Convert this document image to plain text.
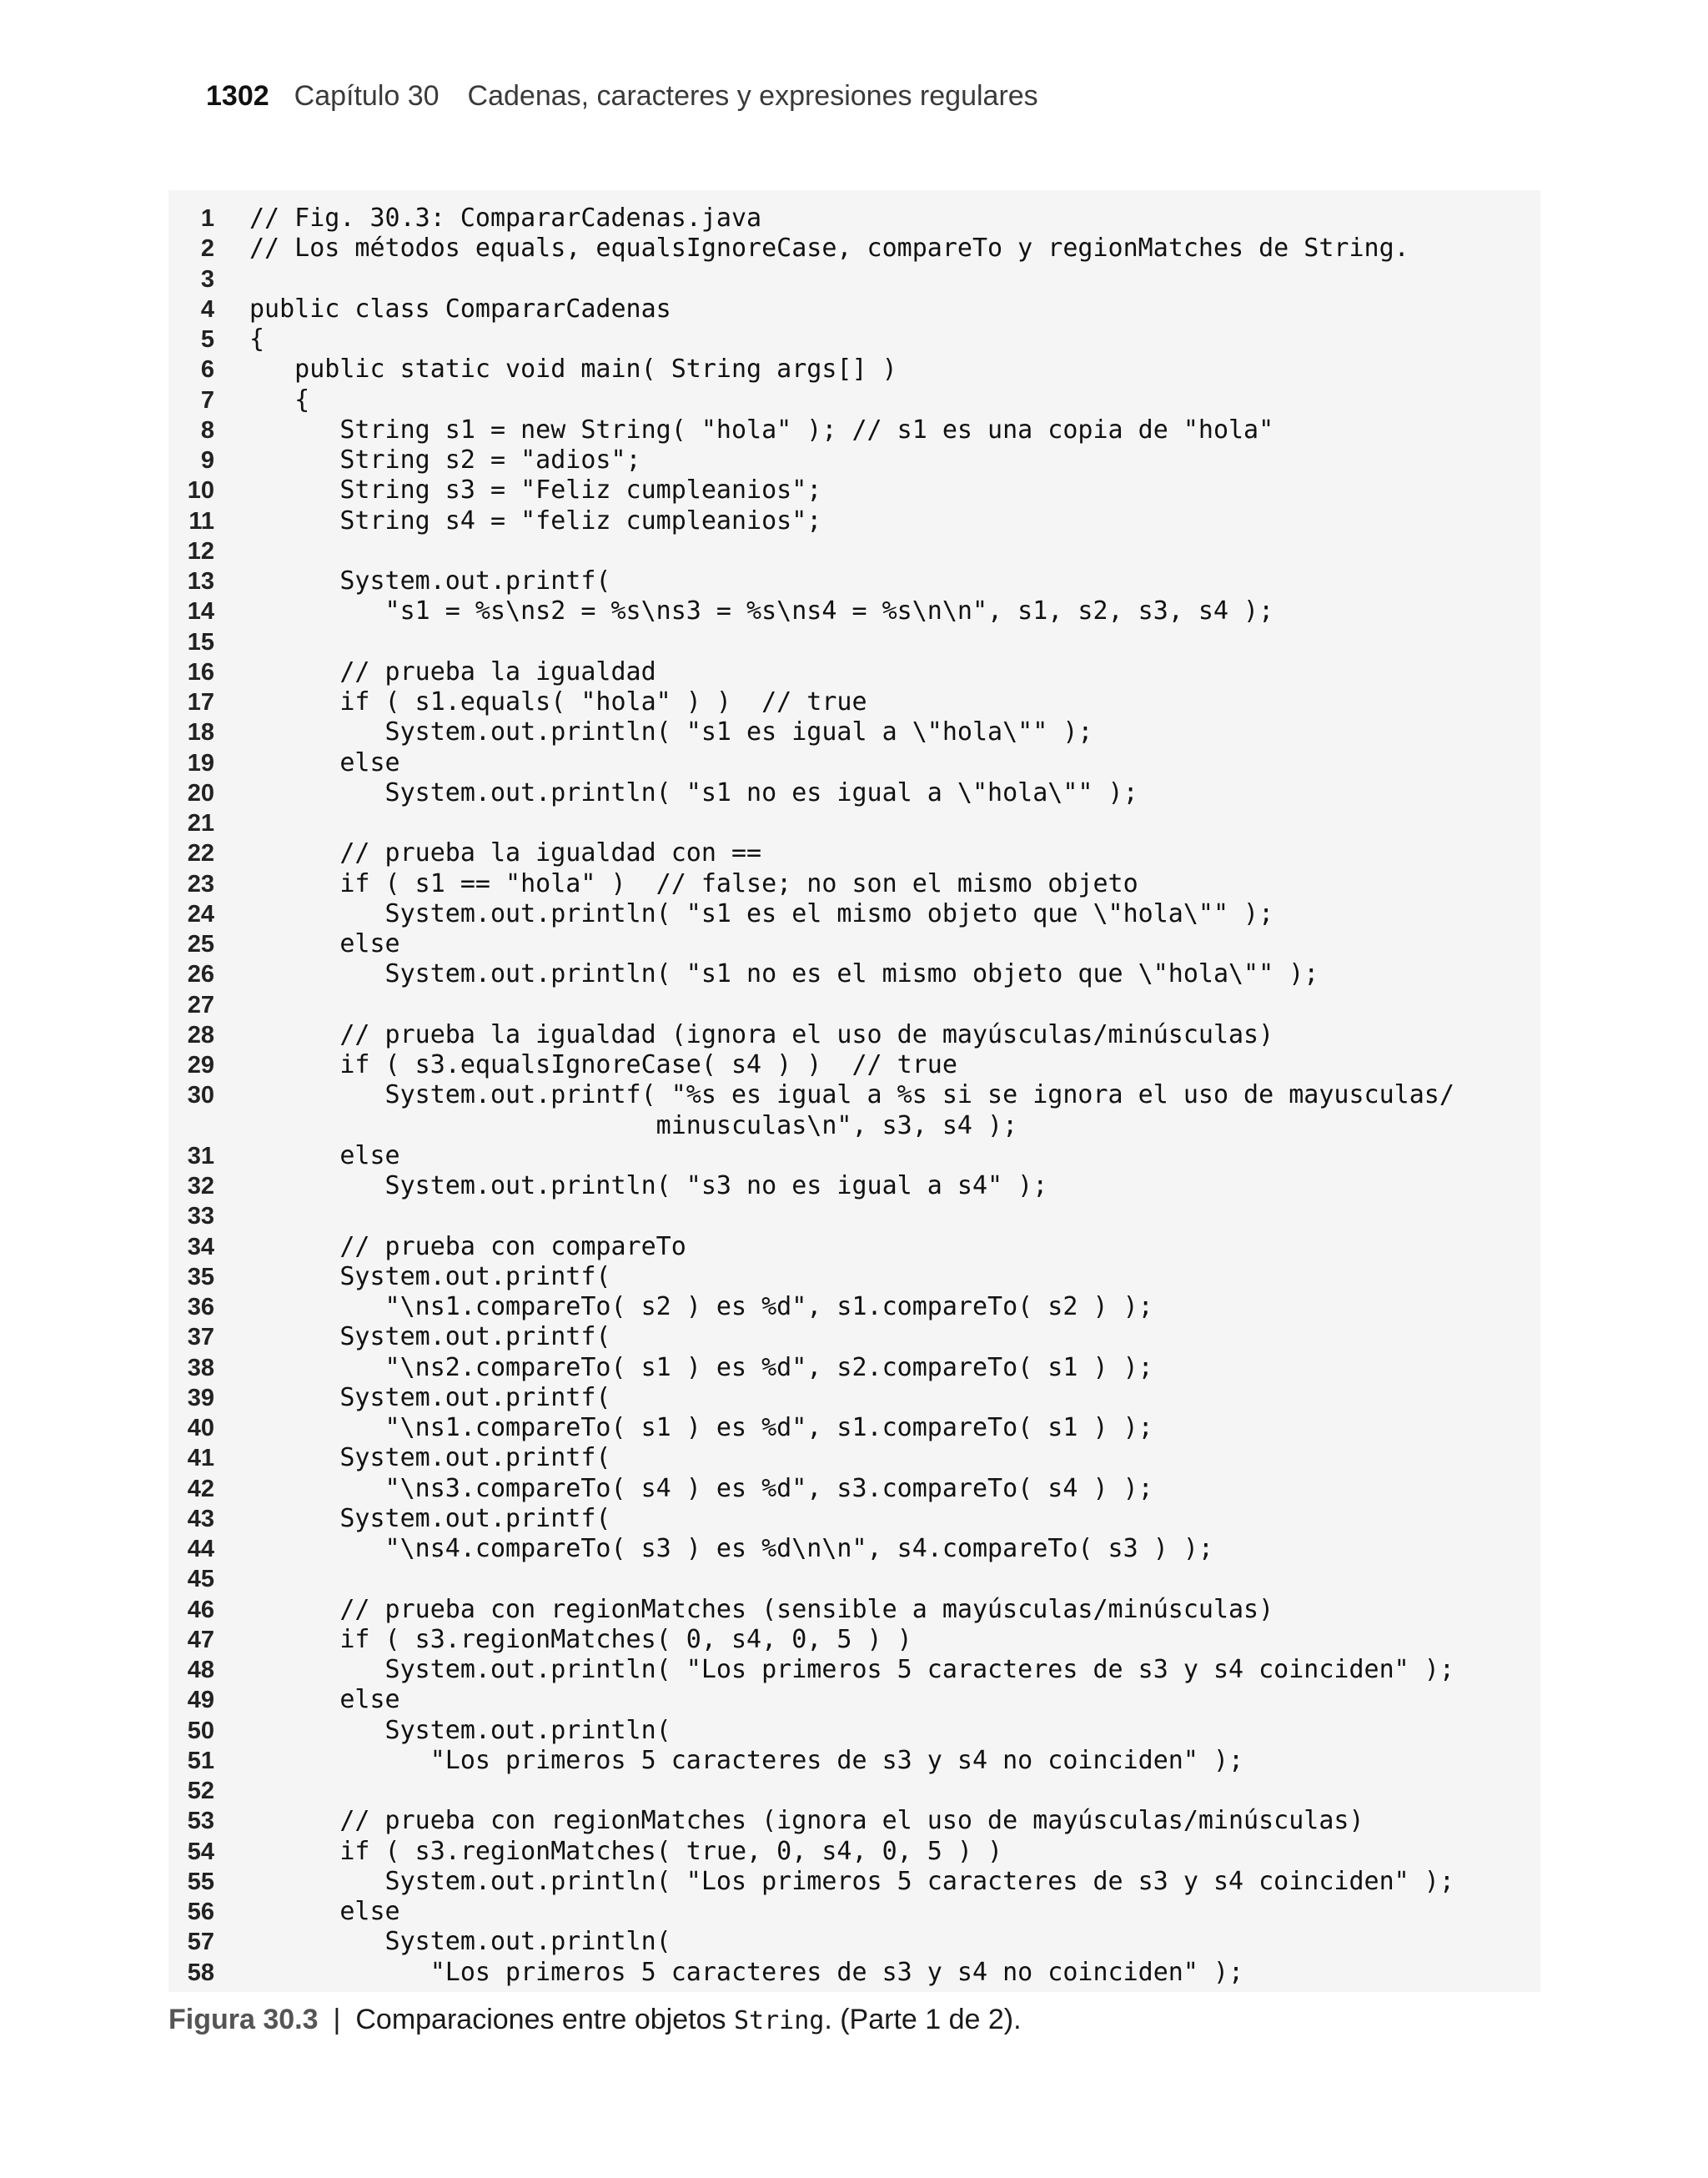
1302 Capítulo 30 Cadenas, caracteres y expresiones regulares
1 // Fig. 30.3: CompararCadenas.java
2 // Los métodos equals, equalsIgnoreCase, compareTo y regionMatches de String.
3
4 public class CompararCadenas
5 {
6 public static void main( String args[] )
7 {
8 String s1 = new String( "hola" ); // s1 es una copia de "hola"
9 String s2 = "adios";
10 String s3 = "Feliz cumpleanios";
11 String s4 = "feliz cumpleanios";
12
13 System.out.printf(
14 "s1 = %s\ns2 = %s\ns3 = %s\ns4 = %s\n\n", s1, s2, s3, s4 );
15
16 // prueba la igualdad
17 if ( s1.equals( "hola" ) )  // true
18 System.out.println( "s1 es igual a \"hola\"" );
19 else
20 System.out.println( "s1 no es igual a \"hola\"" );
21
22 // prueba la igualdad con ==
23 if ( s1 == "hola" )  // false; no son el mismo objeto
24 System.out.println( "s1 es el mismo objeto que \"hola\"" );
25 else
26 System.out.println( "s1 no es el mismo objeto que \"hola\"" );
27
28 // prueba la igualdad (ignora el uso de mayúsculas/minúsculas)
29 if ( s3.equalsIgnoreCase( s4 ) )  // true
30 System.out.printf( "%s es igual a %s si se ignora el uso de mayusculas/
minusculas\n", s3, s4 );
31 else
32 System.out.println( "s3 no es igual a s4" );
33
34 // prueba con compareTo
35 System.out.printf(
36 "\ns1.compareTo( s2 ) es %d", s1.compareTo( s2 ) );
37 System.out.printf(
38 "\ns2.compareTo( s1 ) es %d", s2.compareTo( s1 ) );
39 System.out.printf(
40 "\ns1.compareTo( s1 ) es %d", s1.compareTo( s1 ) );
41 System.out.printf(
42 "\ns3.compareTo( s4 ) es %d", s3.compareTo( s4 ) );
43 System.out.printf(
44 "\ns4.compareTo( s3 ) es %d\n\n", s4.compareTo( s3 ) );
45
46 // prueba con regionMatches (sensible a mayúsculas/minúsculas)
47 if ( s3.regionMatches( 0, s4, 0, 5 ) )
48 System.out.println( "Los primeros 5 caracteres de s3 y s4 coinciden" );
49 else
50 System.out.println(
51 "Los primeros 5 caracteres de s3 y s4 no coinciden" );
52
53 // prueba con regionMatches (ignora el uso de mayúsculas/minúsculas)
54 if ( s3.regionMatches( true, 0, s4, 0, 5 ) )
55 System.out.println( "Los primeros 5 caracteres de s3 y s4 coinciden" );
56 else
57 System.out.println(
58 "Los primeros 5 caracteres de s3 y s4 no coinciden" );
Figura 30.3 | Comparaciones entre objetos String. (Parte 1 de 2).
